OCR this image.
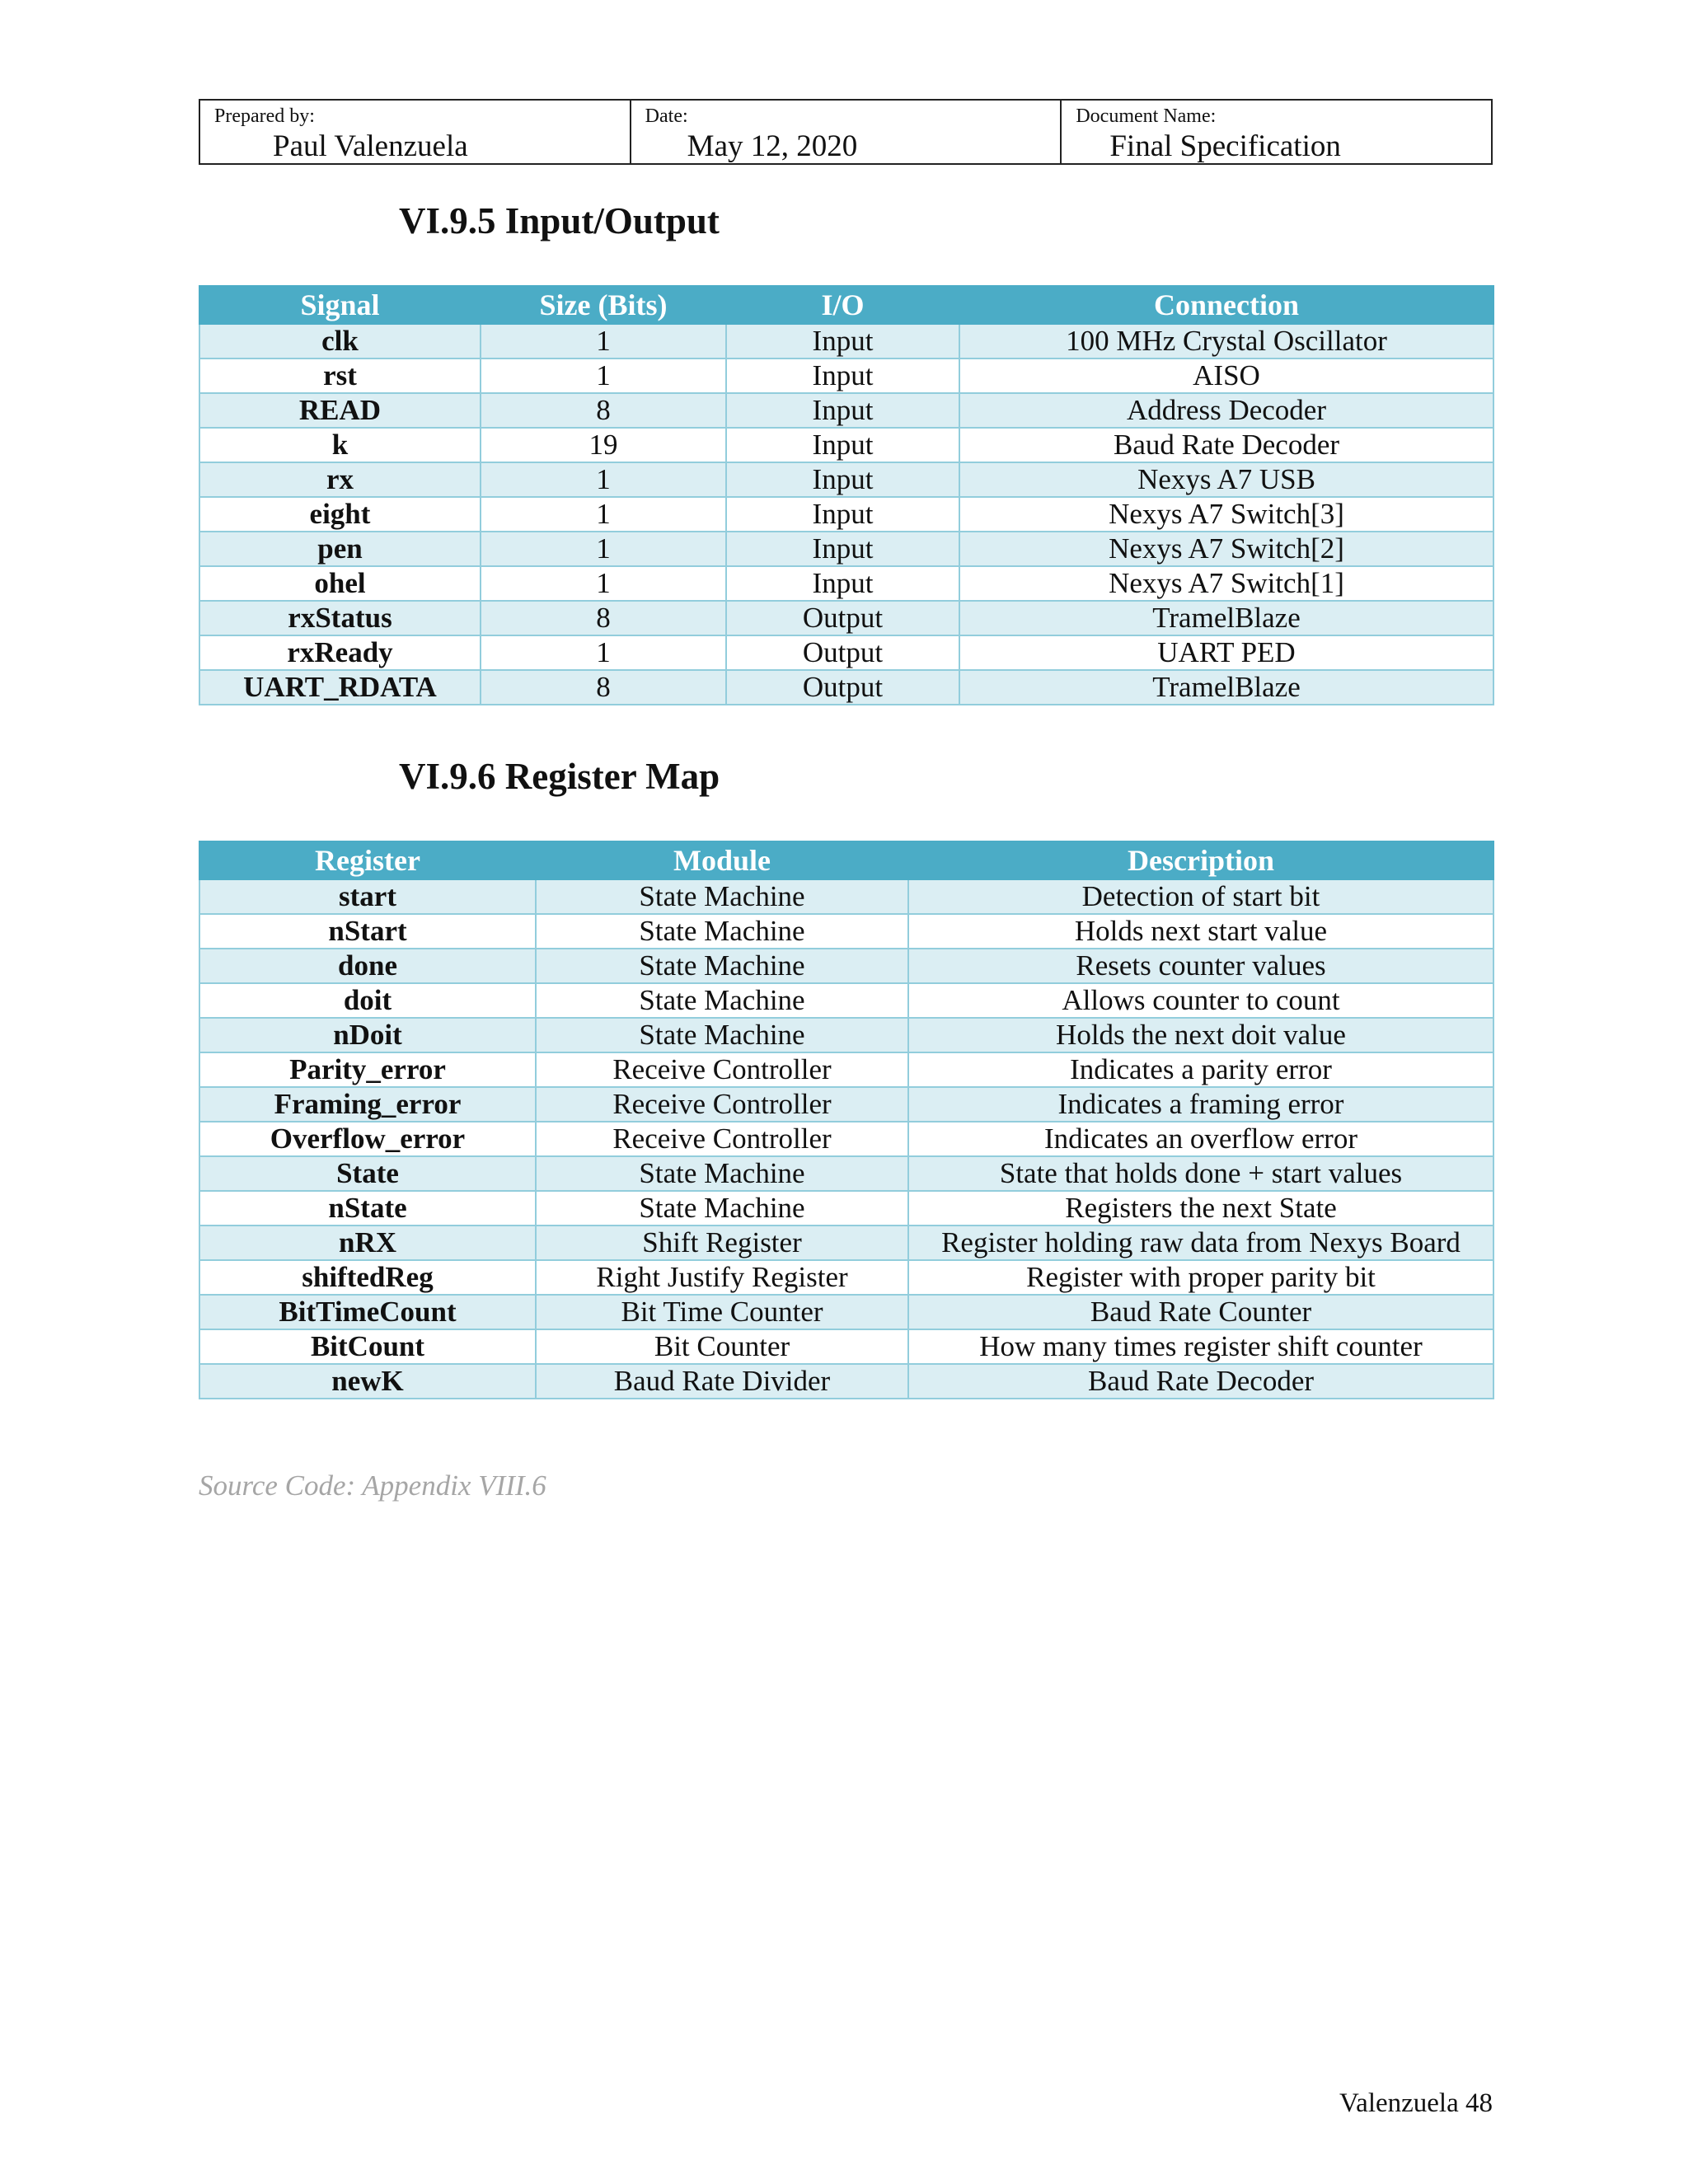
Prepared by:
Paul Valenzuela
Date:
May 12, 2020
Document Name:
Final Specification
VI.9.5 Input/Output
Signal	Size (Bits)	I/O	Connection
clk	1	Input	100 MHz Crystal Oscillator
rst	1	Input	AISO
READ	8	Input	Address Decoder
k	19	Input	Baud Rate Decoder
rx	1	Input	Nexys A7 USB
eight	1	Input	Nexys A7 Switch[3]
pen	1	Input	Nexys A7 Switch[2]
ohel	1	Input	Nexys A7 Switch[1]
rxStatus	8	Output	TramelBlaze
rxReady	1	Output	UART PED
UART_RDATA	8	Output	TramelBlaze
VI.9.6 Register Map
Register	Module	Description
start	State Machine	Detection of start bit
nStart	State Machine	Holds next start value
done	State Machine	Resets counter values
doit	State Machine	Allows counter to count
nDoit	State Machine	Holds the next doit value
Parity_error	Receive Controller	Indicates a parity error
Framing_error	Receive Controller	Indicates a framing error
Overflow_error	Receive Controller	Indicates an overflow error
State	State Machine	State that holds done + start values
nState	State Machine	Registers the next State
nRX	Shift Register	Register holding raw data from Nexys Board
shiftedReg	Right Justify Register	Register with proper parity bit
BitTimeCount	Bit Time Counter	Baud Rate Counter
BitCount	Bit Counter	How many times register shift counter
newK	Baud Rate Divider	Baud Rate Decoder
Source Code: Appendix VIII.6
Valenzuela 48
